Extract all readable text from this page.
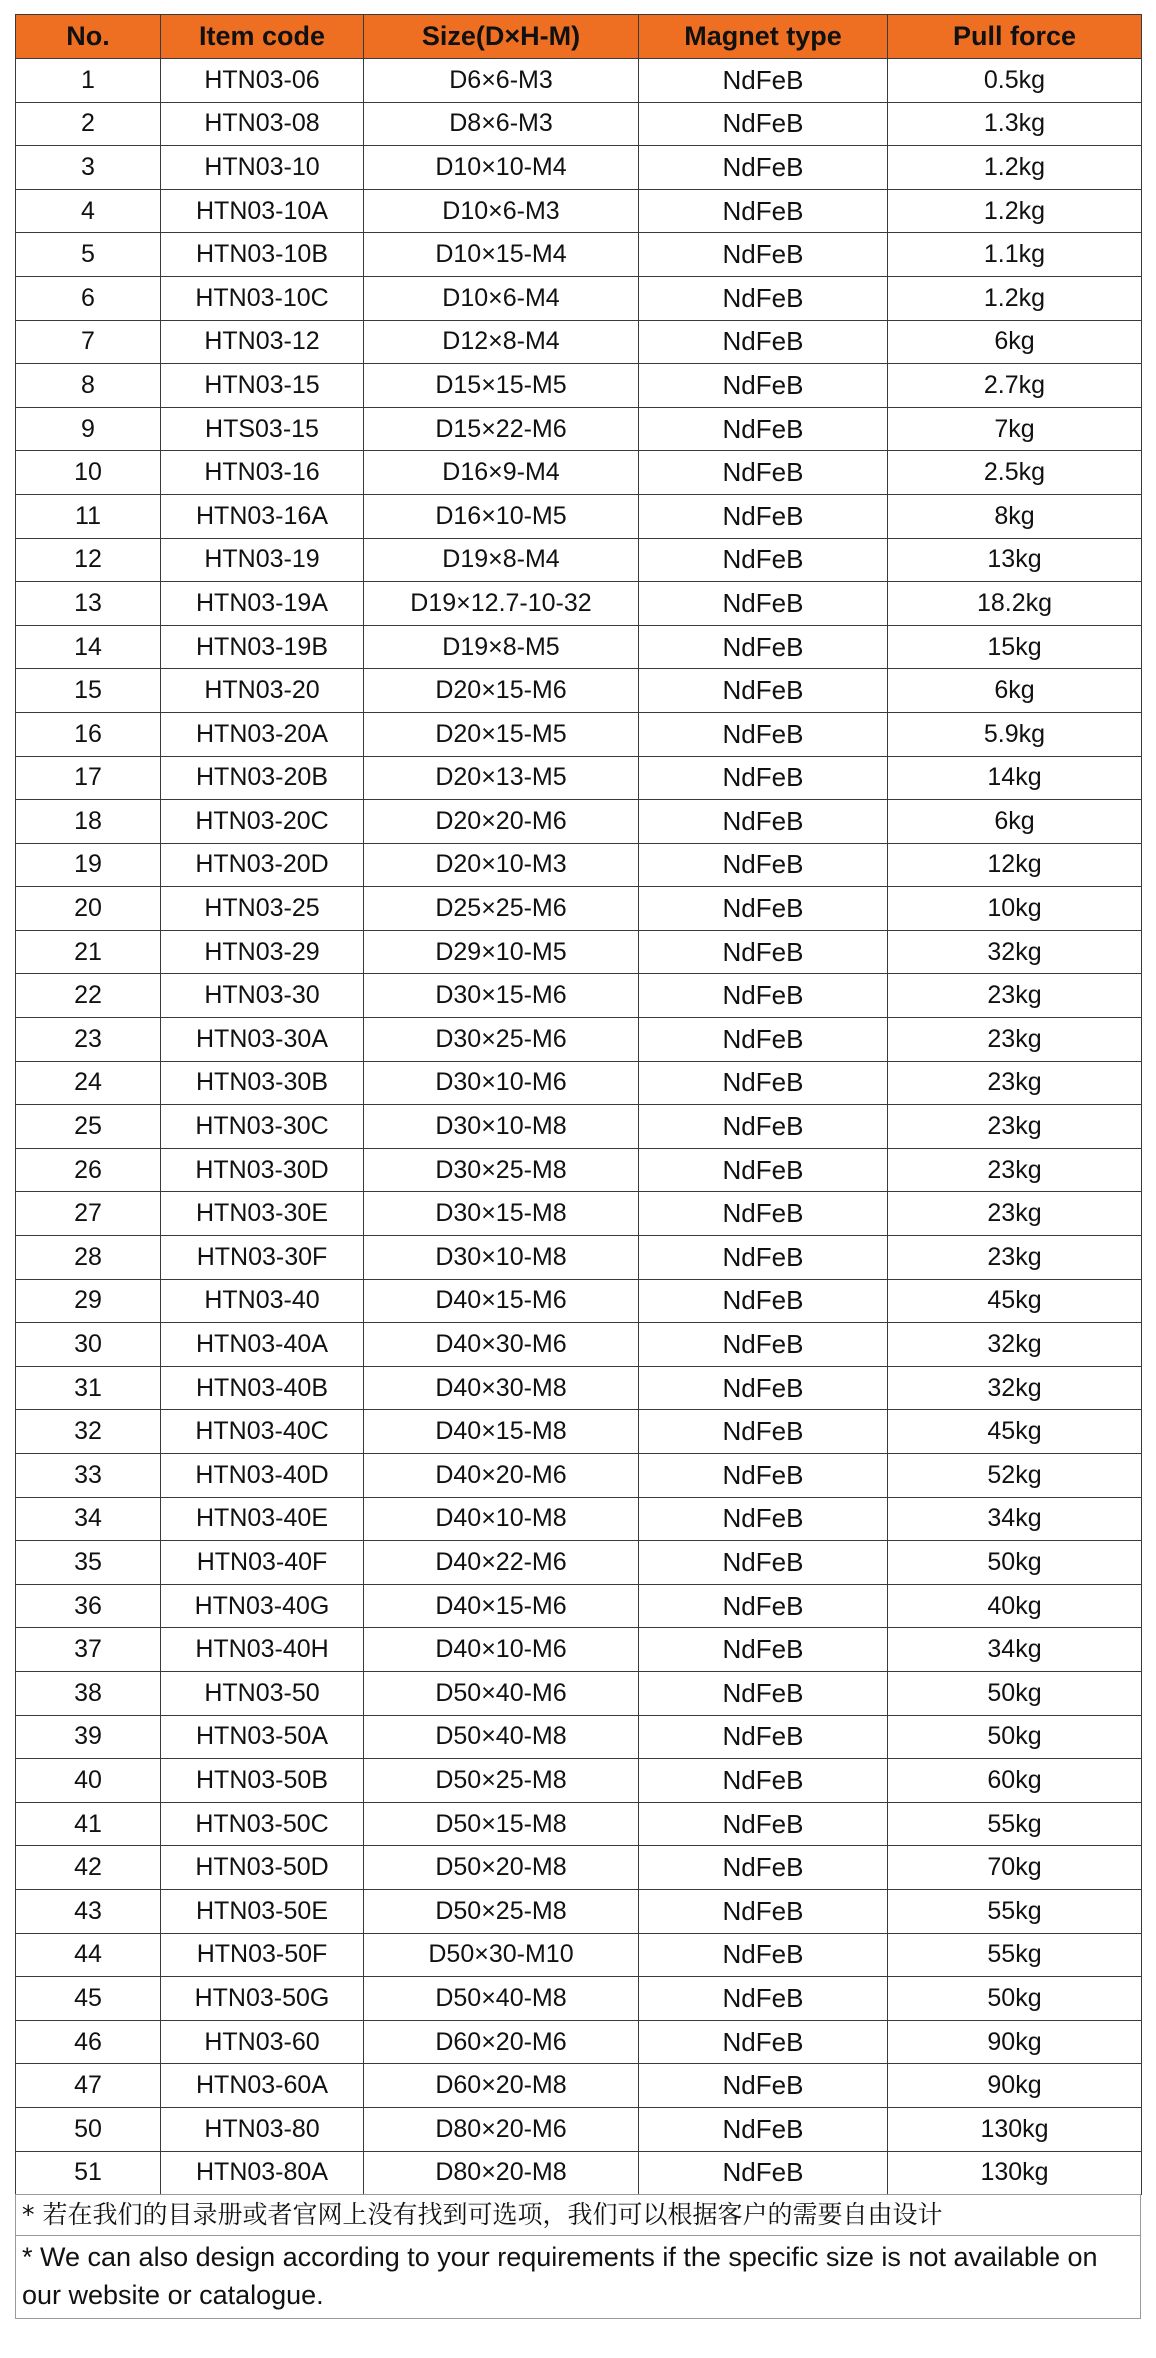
No.	Item code	Size(D×H-M)	Magnet type	Pull force
1	HTN03-06	D6×6-M3	NdFeB	0.5kg
2	HTN03-08	D8×6-M3	NdFeB	1.3kg
3	HTN03-10	D10×10-M4	NdFeB	1.2kg
4	HTN03-10A	D10×6-M3	NdFeB	1.2kg
5	HTN03-10B	D10×15-M4	NdFeB	1.1kg
6	HTN03-10C	D10×6-M4	NdFeB	1.2kg
7	HTN03-12	D12×8-M4	NdFeB	6kg
8	HTN03-15	D15×15-M5	NdFeB	2.7kg
9	HTS03-15	D15×22-M6	NdFeB	7kg
10	HTN03-16	D16×9-M4	NdFeB	2.5kg
11	HTN03-16A	D16×10-M5	NdFeB	8kg
12	HTN03-19	D19×8-M4	NdFeB	13kg
13	HTN03-19A	D19×12.7-10-32	NdFeB	18.2kg
14	HTN03-19B	D19×8-M5	NdFeB	15kg
15	HTN03-20	D20×15-M6	NdFeB	6kg
16	HTN03-20A	D20×15-M5	NdFeB	5.9kg
17	HTN03-20B	D20×13-M5	NdFeB	14kg
18	HTN03-20C	D20×20-M6	NdFeB	6kg
19	HTN03-20D	D20×10-M3	NdFeB	12kg
20	HTN03-25	D25×25-M6	NdFeB	10kg
21	HTN03-29	D29×10-M5	NdFeB	32kg
22	HTN03-30	D30×15-M6	NdFeB	23kg
23	HTN03-30A	D30×25-M6	NdFeB	23kg
24	HTN03-30B	D30×10-M6	NdFeB	23kg
25	HTN03-30C	D30×10-M8	NdFeB	23kg
26	HTN03-30D	D30×25-M8	NdFeB	23kg
27	HTN03-30E	D30×15-M8	NdFeB	23kg
28	HTN03-30F	D30×10-M8	NdFeB	23kg
29	HTN03-40	D40×15-M6	NdFeB	45kg
30	HTN03-40A	D40×30-M6	NdFeB	32kg
31	HTN03-40B	D40×30-M8	NdFeB	32kg
32	HTN03-40C	D40×15-M8	NdFeB	45kg
33	HTN03-40D	D40×20-M6	NdFeB	52kg
34	HTN03-40E	D40×10-M8	NdFeB	34kg
35	HTN03-40F	D40×22-M6	NdFeB	50kg
36	HTN03-40G	D40×15-M6	NdFeB	40kg
37	HTN03-40H	D40×10-M6	NdFeB	34kg
38	HTN03-50	D50×40-M6	NdFeB	50kg
39	HTN03-50A	D50×40-M8	NdFeB	50kg
40	HTN03-50B	D50×25-M8	NdFeB	60kg
41	HTN03-50C	D50×15-M8	NdFeB	55kg
42	HTN03-50D	D50×20-M8	NdFeB	70kg
43	HTN03-50E	D50×25-M8	NdFeB	55kg
44	HTN03-50F	D50×30-M10	NdFeB	55kg
45	HTN03-50G	D50×40-M8	NdFeB	50kg
46	HTN03-60	D60×20-M6	NdFeB	90kg
47	HTN03-60A	D60×20-M8	NdFeB	90kg
50	HTN03-80	D80×20-M6	NdFeB	130kg
51	HTN03-80A	D80×20-M8	NdFeB	130kg
* 若在我们的目录册或者官网上没有找到可选项，我们可以根据客户的需要自由设计
* We can also design according to your requirements if the specific size is not available on our website or catalogue.
